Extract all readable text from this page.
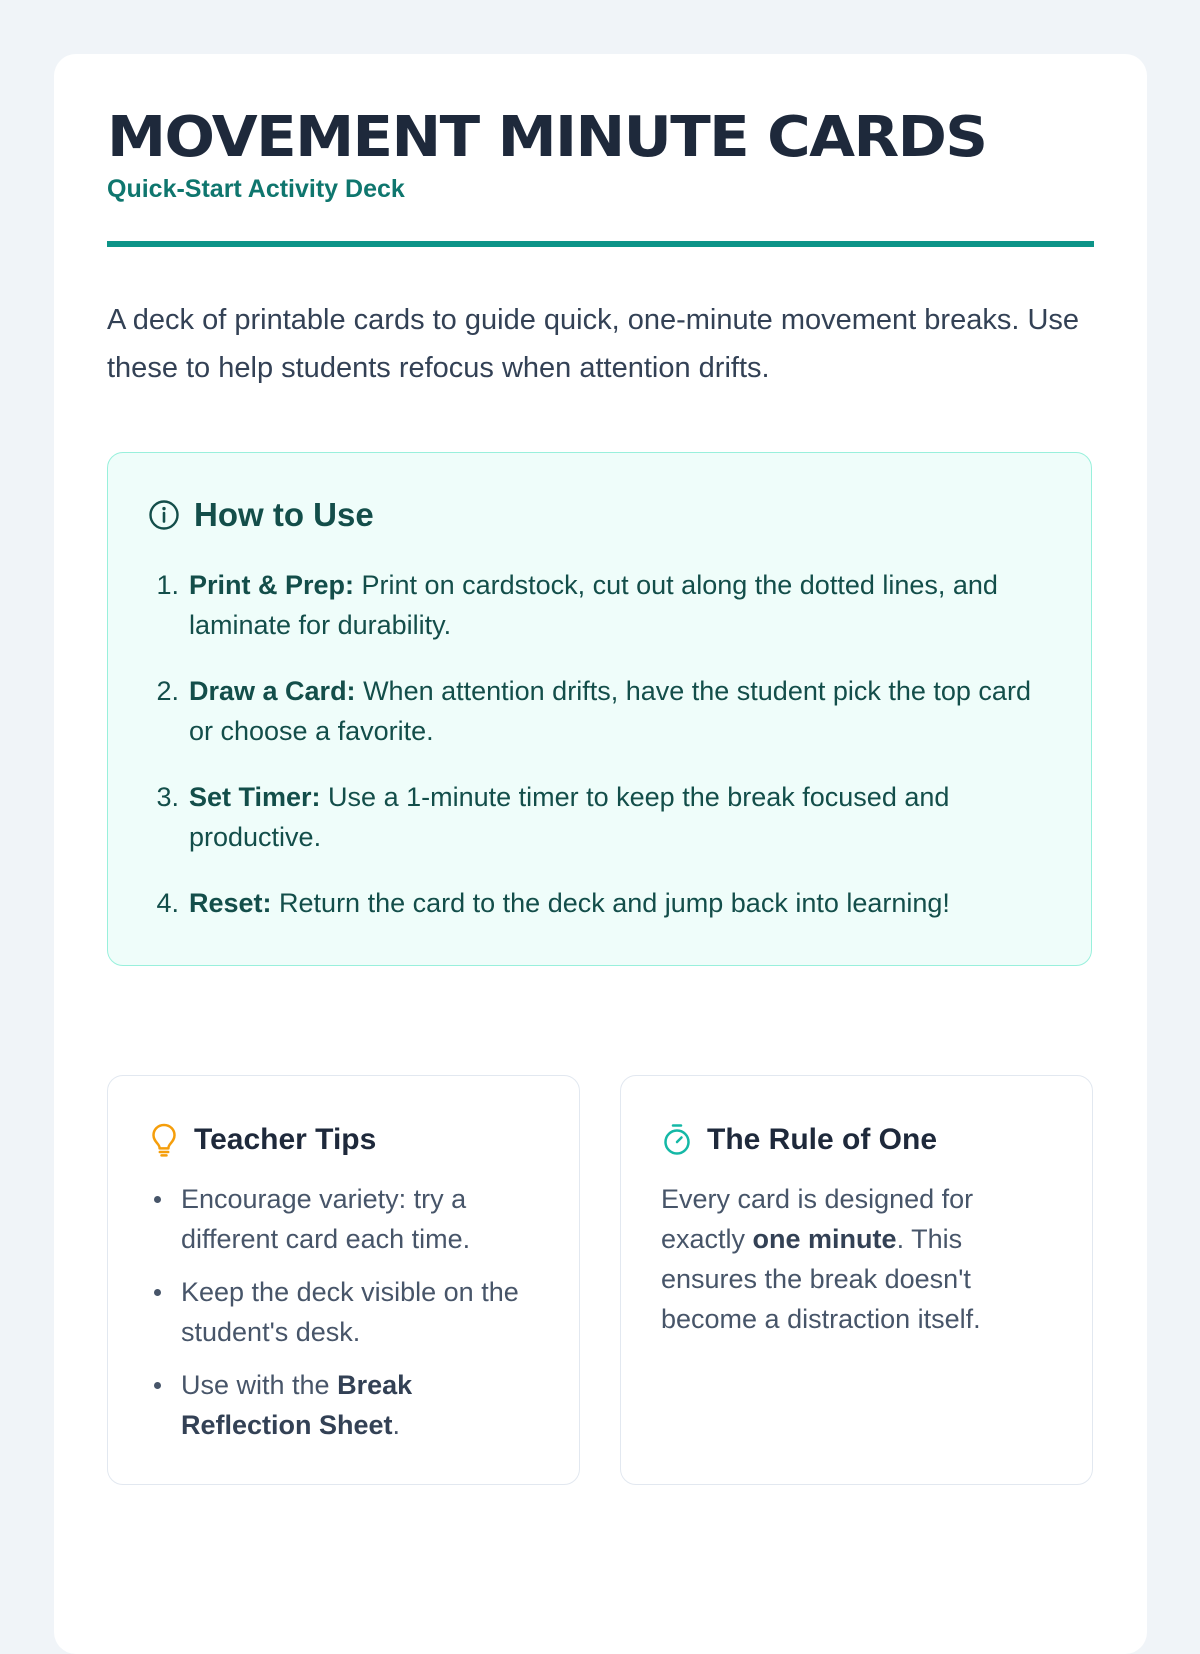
MOVEMENT MINUTE CARDS
Quick-Start Activity Deck

A deck of printable cards to guide quick, one-minute movement breaks. Use these to help students refocus when attention drifts.

How to Use
1. Print & Prep: Print on cardstock, cut out along the dotted lines, and laminate for durability.
2. Draw a Card: When attention drifts, have the student pick the top card or choose a favorite.
3. Set Timer: Use a 1-minute timer to keep the break focused and productive.
4. Reset: Return the card to the deck and jump back into learning!
Teacher Tips
Encourage variety: try a different card each time.
Keep the deck visible on the student's desk.
Use with the Break Reflection Sheet.
The Rule of One

Every card is designed for exactly one minute. This ensures the break doesn't become a distraction itself.
